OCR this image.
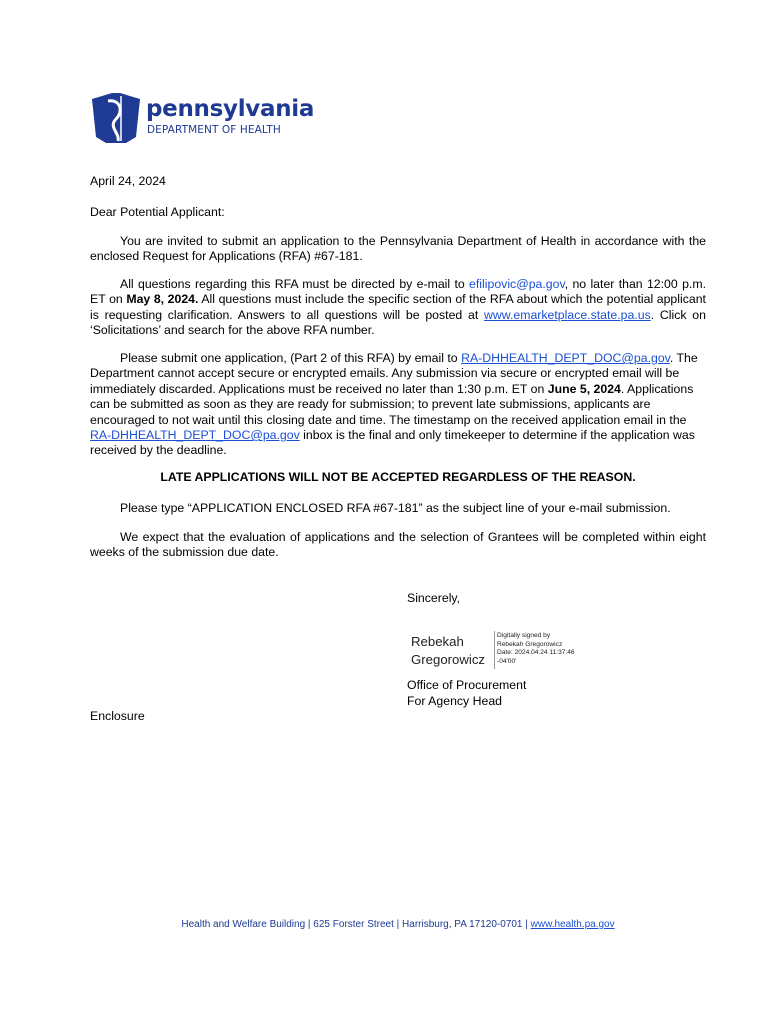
pennsylvania
DEPARTMENT OF HEALTH
April 24, 2024
Dear Potential Applicant:
You are invited to submit an application to the Pennsylvania Department of Health in accordance with the enclosed Request for Applications (RFA) #67-181.
All questions regarding this RFA must be directed by e-mail to efilipovic@pa.gov, no later than 12:00 p.m. ET on May 8, 2024. All questions must include the specific section of the RFA about which the potential applicant is requesting clarification. Answers to all questions will be posted at www.emarketplace.state.pa.us. Click on ‘Solicitations’ and search for the above RFA number.
Please submit one application, (Part 2 of this RFA) by email to RA-DHHEALTH_DEPT_DOC@pa.gov. The Department cannot accept secure or encrypted emails. Any submission via secure or encrypted email will be immediately discarded. Applications must be received no later than 1:30 p.m. ET on June 5, 2024. Applications can be submitted as soon as they are ready for submission; to prevent late submissions, applicants are encouraged to not wait until this closing date and time. The timestamp on the received application email in the RA-DHHEALTH_DEPT_DOC@pa.gov inbox is the final and only timekeeper to determine if the application was received by the deadline.
LATE APPLICATIONS WILL NOT BE ACCEPTED REGARDLESS OF THE REASON.
Please type “APPLICATION ENCLOSED RFA #67-181” as the subject line of your e-mail submission.
We expect that the evaluation of applications and the selection of Grantees will be completed within eight weeks of the submission due date.
Sincerely,
Rebekah
Gregorowicz
Digitally signed by
Rebekah Gregorowicz
Date: 2024.04.24 11:37:46
-04'00'
Office of Procurement
For Agency Head
Enclosure
Health and Welfare Building | 625 Forster Street | Harrisburg, PA 17120-0701 | www.health.pa.gov
